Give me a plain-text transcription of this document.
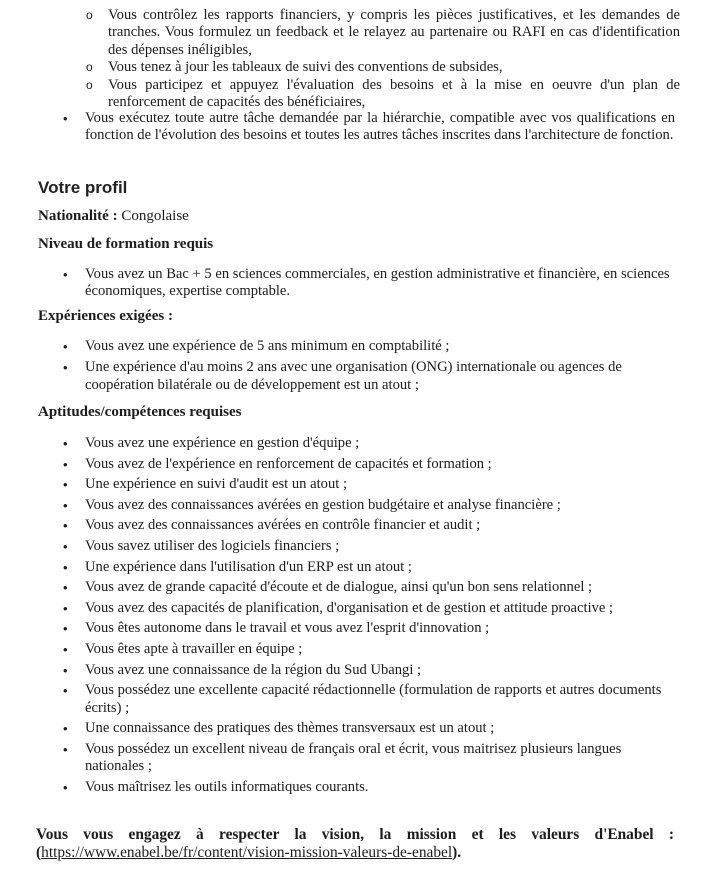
o Vous contrôlez les rapports financiers, y compris les pièces justificatives, et les demandes de tranches. Vous formulez un feedback et le relayez au partenaire ou RAFI en cas d'identification des dépenses inéligibles,
o Vous tenez à jour les tableaux de suivi des conventions de subsides,
o Vous participez et appuyez l'évaluation des besoins et à la mise en oeuvre d'un plan de renforcement de capacités des bénéficiaires,
• Vous exécutez toute autre tâche demandée par la hiérarchie, compatible avec vos qualifications en fonction de l'évolution des besoins et toutes les autres tâches inscrites dans l'architecture de fonction.
Votre profil

Nationalité : Congolaise

Niveau de formation requis

• Vous avez un Bac + 5 en sciences commerciales, en gestion administrative et financière, en sciences économiques, expertise comptable.

Expériences exigées :

• Vous avez une expérience de 5 ans minimum en comptabilité ;
• Une expérience d'au moins 2 ans avec une organisation (ONG) internationale ou agences de coopération bilatérale ou de développement est un atout ;

Aptitudes/compétences requises

• Vous avez une expérience en gestion d'équipe ;
• Vous avez de l'expérience en renforcement de capacités et formation ;
• Une expérience en suivi d'audit est un atout ;
• Vous avez des connaissances avérées en gestion budgétaire et analyse financière ;
• Vous avez des connaissances avérées en contrôle financier et audit ;
• Vous savez utiliser des logiciels financiers ;
• Une expérience dans l'utilisation d'un ERP est un atout ;
• Vous avez de grande capacité d'écoute et de dialogue, ainsi qu'un bon sens relationnel ;
• Vous avez des capacités de planification, d'organisation et de gestion et attitude proactive ;
• Vous êtes autonome dans le travail et vous avez l'esprit d'innovation ;
• Vous êtes apte à travailler en équipe ;
• Vous avez une connaissance de la région du Sud Ubangi ;
• Vous possédez une excellente capacité rédactionnelle (formulation de rapports et autres documents écrits) ;
• Une connaissance des pratiques des thèmes transversaux est un atout ;
• Vous possédez un excellent niveau de français oral et écrit, vous maitrisez plusieurs langues nationales ;
• Vous maîtrisez les outils informatiques courants.

Vous vous engagez à respecter la vision, la mission et les valeurs d'Enabel :(https://www.enabel.be/fr/content/vision-mission-valeurs-de-enabel).
